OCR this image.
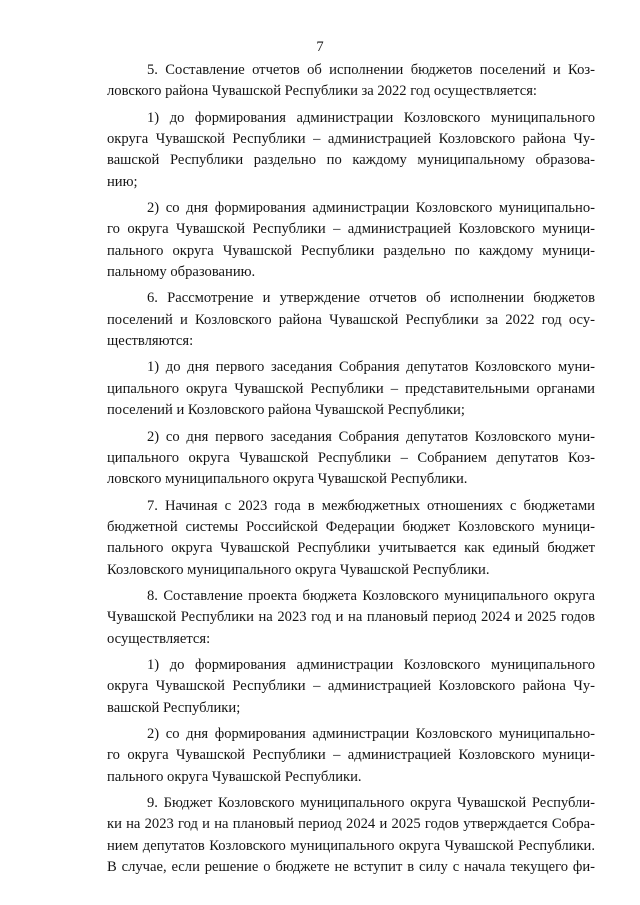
7
5. Составление отчетов об исполнении бюджетов поселений и Коз-
ловского района Чувашской Республики за 2022 год осуществляется:
1) до формирования администрации Козловского муниципального
округа Чувашской Республики – администрацией Козловского района Чу-
вашской Республики раздельно по каждому муниципальному образова-
нию;
2) со дня формирования администрации Козловского муниципально-
го округа Чувашской Республики – администрацией Козловского муници-
пального округа Чувашской Республики раздельно по каждому муници-
пальному образованию.
6. Рассмотрение и утверждение отчетов об исполнении бюджетов
поселений и Козловского района Чувашской Республики за 2022 год осу-
ществляются:
1) до дня первого заседания Собрания депутатов Козловского муни-
ципального округа Чувашской Республики – представительными органами
поселений и Козловского района Чувашской Республики;
2) со дня первого заседания Собрания депутатов Козловского муни-
ципального округа Чувашской Республики – Собранием депутатов Коз-
ловского муниципального округа Чувашской Республики.
7. Начиная с 2023 года в межбюджетных отношениях с бюджетами
бюджетной системы Российской Федерации бюджет Козловского муници-
пального округа Чувашской Республики учитывается как единый бюджет
Козловского муниципального округа Чувашской Республики.
8. Составление проекта бюджета Козловского муниципального округа
Чувашской Республики на 2023 год и на плановый период 2024 и 2025 годов
осуществляется:
1) до формирования администрации Козловского муниципального
округа Чувашской Республики – администрацией Козловского района Чу-
вашской Республики;
2) со дня формирования администрации Козловского муниципально-
го округа Чувашской Республики – администрацией Козловского муници-
пального округа Чувашской Республики.
9. Бюджет Козловского муниципального округа Чувашской Республи-
ки на 2023 год и на плановый период 2024 и 2025 годов утверждается Собра-
нием депутатов Козловского муниципального округа Чувашской Республики.
В случае, если решение о бюджете не вступит в силу с начала текущего фи-
